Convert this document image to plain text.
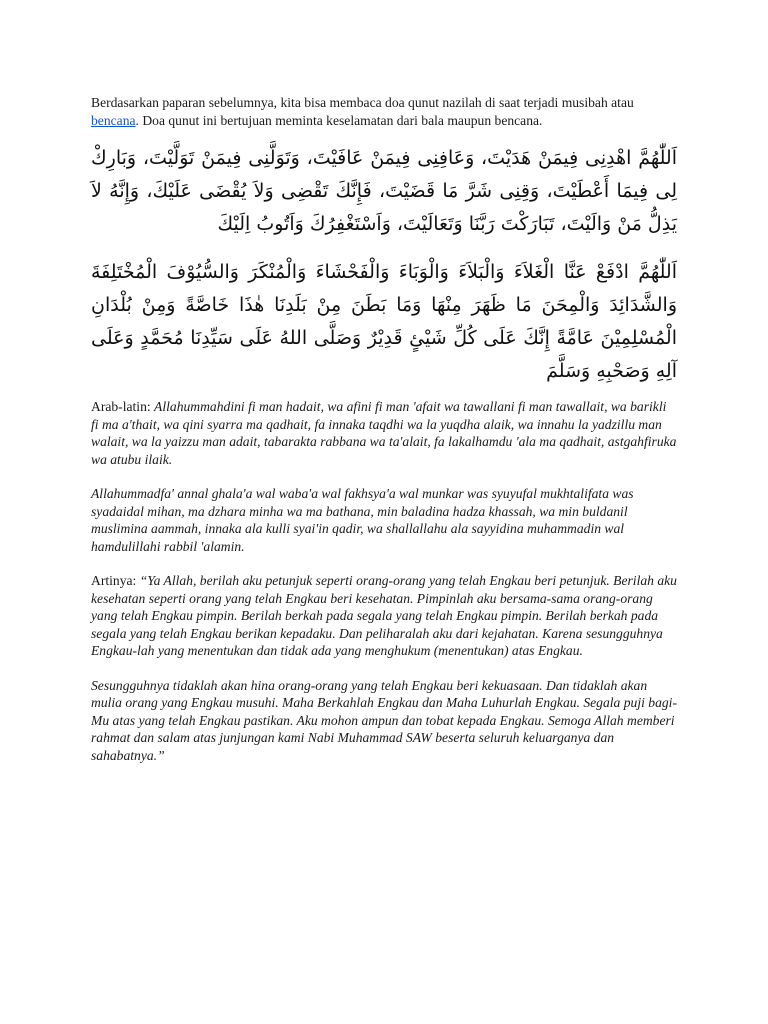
Berdasarkan paparan sebelumnya, kita bisa membaca doa qunut nazilah di saat terjadi musibah atau bencana. Doa qunut ini bertujuan meminta keselamatan dari bala maupun bencana.

اَللّٰهُمَّ اهْدِنِى فِيمَنْ هَدَيْتَ، وَعَافِنِى فِيمَنْ عَافَيْتَ، وَتَوَلَّنِى فِيمَنْ تَوَلَّيْتَ، وَبَارِكْ لِى فِيمَا أَعْطَيْتَ، وَقِنِى شَرَّ مَا قَضَيْتَ، فَإِنَّكَ تَقْضِى وَلاَ يُقْضَى عَلَيْكَ، وَإِنَّهُ لاَ يَذِلُّ مَنْ وَالَيْتَ، تَبَارَكْتَ رَبَّنَا وَتَعَالَيْتَ، وَاَسْتَغْفِرُكَ وَاَتُوبُ اِلَيْكَ

اَللّٰهُمَّ ادْفَعْ عَنَّا الْغَلاَءَ وَالْبَلاَءَ وَالْوَبَاءَ وَالْفَحْشَاءَ وَالْمُنْكَرَ وَالسُّيُوْفَ الْمُخْتَلِفَةَ وَالشَّدَائِدَ وَالْمِحَنَ مَا ظَهَرَ مِنْهَا وَمَا بَطَنَ مِنْ بَلَدِنَا هٰذَا خَاصَّةً وَمِنْ بُلْدَانِ الْمُسْلِمِيْنَ عَامَّةً إِنَّكَ عَلَى كُلِّ شَيْئٍ قَدِيْرٌ وَصَلَّى اللهُ عَلَى سَيِّدِنَا مُحَمَّدٍ وَعَلَى آلِهِ وَصَحْبِهِ وَسَلَّمَ

Arab-latin: Allahummahdini fi man hadait, wa afini fi man 'afait wa tawallani fi man tawallait, wa barikli fi ma a'thait, wa qini syarra ma qadhait, fa innaka taqdhi wa la yuqdha alaik, wa innahu la yadzillu man walait, wa la yaizzu man adait, tabarakta rabbana wa ta'alait, fa lakalhamdu 'ala ma qadhait, astgahfiruka wa atubu ilaik.

Allahummadfa' annal ghala'a wal waba'a wal fakhsya'a wal munkar was syuyufal mukhtalifata was syadaidal mihan, ma dzhara minha wa ma bathana, min baladina hadza khassah, wa min buldanil muslimina aammah, innaka ala kulli syai'in qadir, wa shallallahu ala sayyidina muhammadin wal hamdulillahi rabbil 'alamin.

Artinya: “Ya Allah, berilah aku petunjuk seperti orang-orang yang telah Engkau beri petunjuk. Berilah aku kesehatan seperti orang yang telah Engkau beri kesehatan. Pimpinlah aku bersama-sama orang-orang yang telah Engkau pimpin. Berilah berkah pada segala yang telah Engkau pimpin. Berilah berkah pada segala yang telah Engkau berikan kepadaku. Dan peliharalah aku dari kejahatan. Karena sesungguhnya Engkau-lah yang menentukan dan tidak ada yang menghukum (menentukan) atas Engkau.

Sesungguhnya tidaklah akan hina orang-orang yang telah Engkau beri kekuasaan. Dan tidaklah akan mulia orang yang Engkau musuhi. Maha Berkahlah Engkau dan Maha Luhurlah Engkau. Segala puji bagi-Mu atas yang telah Engkau pastikan. Aku mohon ampun dan tobat kepada Engkau. Semoga Allah memberi rahmat dan salam atas junjungan kami Nabi Muhammad SAW beserta seluruh keluarganya dan sahabatnya.”
